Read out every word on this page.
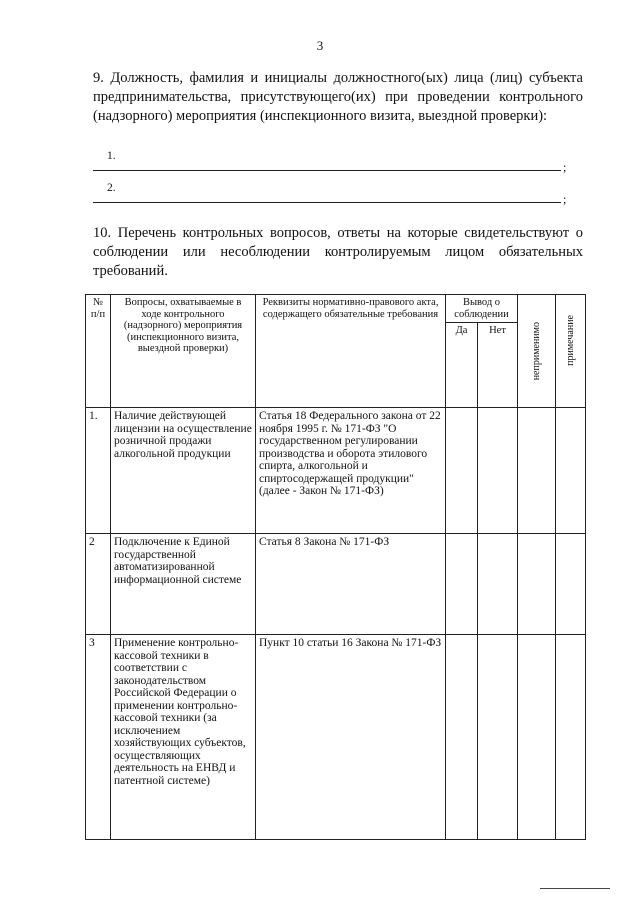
3
9. Должность, фамилия и инициалы должностного(ых) лица (лиц) субъекта предпринимательства, присутствующего(их) при проведении контрольного (надзорного) мероприятия (инспекционного визита, выездной проверки):
1.
;
2.
;
10. Перечень контрольных вопросов, ответы на которые свидетельствуют о соблюдении или несоблюдении контролируемым лицом обязательных требований.
№ п/п	Вопросы, охватываемые в ходе контрольного (надзорного) мероприятия (инспекционного визита, выездной проверки)	Реквизиты нормативно-правового акта, содержащего обязательные требования	Вывод о соблюдении		неприменимо	примечание

			Да	Нет		
1.	Наличие действующей лицензии на осуществление розничной продажи алкогольной продукции	Статья 18 Федерального закона от 22 ноября 1995 г. № 171-ФЗ "О государственном регулировании производства и оборота этилового спирта, алкогольной и спиртосодержащей продукции" (далее - Закон № 171-ФЗ)				
2	Подключение к Единой государственной автоматизированной информационной системе	Статья 8 Закона № 171-ФЗ				
3	Применение контрольно-кассовой техники в соответствии с законодательством Российской Федерации о применении контрольно-кассовой техники (за исключением хозяйствующих субъектов, осуществляющих деятельность на ЕНВД и патентной системе)	Пункт 10 статьи 16 Закона № 171-ФЗ				
